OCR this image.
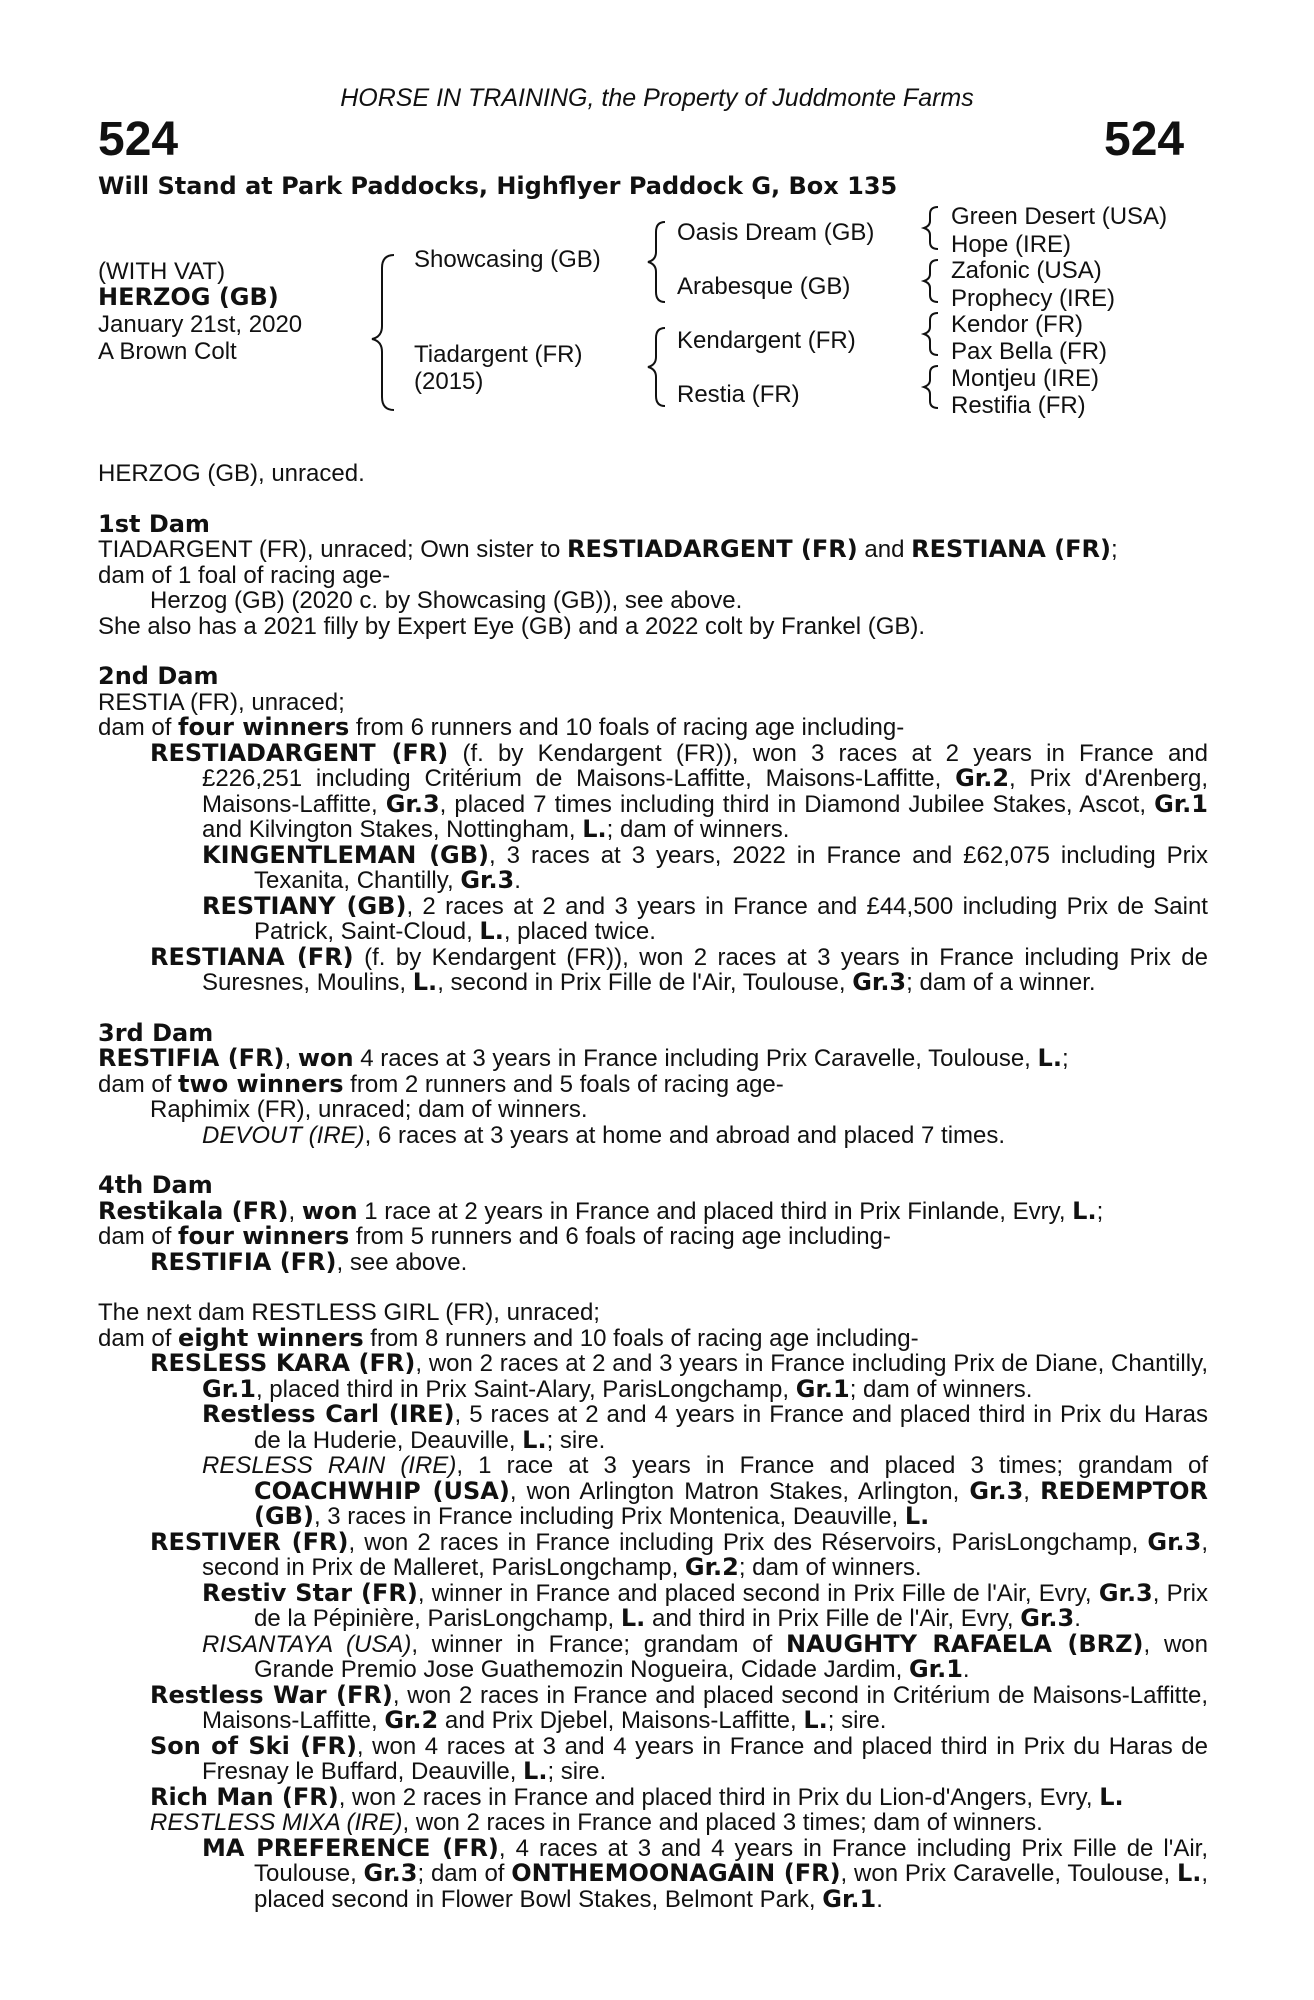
HORSE IN TRAINING, the Property of Juddmonte Farms
524	524
Will Stand at Park Paddocks, Highflyer Paddock G, Box 135
(WITH VAT)
HERZOG (GB)
January 21st, 2020
A Brown Colt
Showcasing (GB)
Tiadargent (FR)
(2015)
Oasis Dream (GB)
Arabesque (GB)
Kendargent (FR)
Restia (FR)
Green Desert (USA)
Hope (IRE)
Zafonic (USA)
Prophecy (IRE)
Kendor (FR)
Pax Bella (FR)
Montjeu (IRE)
Restifia (FR)

HERZOG (GB), unraced.

1st Dam

TIADARGENT (FR), unraced; Own sister to RESTIADARGENT (FR) and RESTIANA (FR);

dam of 1 foal of racing age-

Herzog (GB) (2020 c. by Showcasing (GB)), see above.

She also has a 2021 filly by Expert Eye (GB) and a 2022 colt by Frankel (GB).

2nd Dam

RESTIA (FR), unraced;

dam of four winners from 6 runners and 10 foals of racing age including-

RESTIADARGENT (FR) (f. by Kendargent (FR)), won 3 races at 2 years in France and £226,251 including Critérium de Maisons-Laffitte, Maisons-Laffitte, Gr.2, Prix d'Arenberg, Maisons-Laffitte, Gr.3, placed 7 times including third in Diamond Jubilee Stakes, Ascot, Gr.1 and Kilvington Stakes, Nottingham, L.; dam of winners.

KINGENTLEMAN (GB), 3 races at 3 years, 2022 in France and £62,075 including Prix Texanita, Chantilly, Gr.3.

RESTIANY (GB), 2 races at 2 and 3 years in France and £44,500 including Prix de Saint Patrick, Saint-Cloud, L., placed twice.

RESTIANA (FR) (f. by Kendargent (FR)), won 2 races at 3 years in France including Prix de Suresnes, Moulins, L., second in Prix Fille de l'Air, Toulouse, Gr.3; dam of a winner.

3rd Dam

RESTIFIA (FR), won 4 races at 3 years in France including Prix Caravelle, Toulouse, L.;

dam of two winners from 2 runners and 5 foals of racing age-

Raphimix (FR), unraced; dam of winners.

DEVOUT (IRE), 6 races at 3 years at home and abroad and placed 7 times.

4th Dam

Restikala (FR), won 1 race at 2 years in France and placed third in Prix Finlande, Evry, L.;

dam of four winners from 5 runners and 6 foals of racing age including-

RESTIFIA (FR), see above.

The next dam RESTLESS GIRL (FR), unraced;

dam of eight winners from 8 runners and 10 foals of racing age including-

RESLESS KARA (FR), won 2 races at 2 and 3 years in France including Prix de Diane, Chantilly, Gr.1, placed third in Prix Saint-Alary, ParisLongchamp, Gr.1; dam of winners.

Restless Carl (IRE), 5 races at 2 and 4 years in France and placed third in Prix du Haras de la Huderie, Deauville, L.; sire.

RESLESS RAIN (IRE), 1 race at 3 years in France and placed 3 times; grandam of COACHWHIP (USA), won Arlington Matron Stakes, Arlington, Gr.3, REDEMPTOR (GB), 3 races in France including Prix Montenica, Deauville, L.

RESTIVER (FR), won 2 races in France including Prix des Réservoirs, ParisLongchamp, Gr.3, second in Prix de Malleret, ParisLongchamp, Gr.2; dam of winners.

Restiv Star (FR), winner in France and placed second in Prix Fille de l'Air, Evry, Gr.3, Prix de la Pépinière, ParisLongchamp, L. and third in Prix Fille de l'Air, Evry, Gr.3.

RISANTAYA (USA), winner in France; grandam of NAUGHTY RAFAELA (BRZ), won Grande Premio Jose Guathemozin Nogueira, Cidade Jardim, Gr.1.

Restless War (FR), won 2 races in France and placed second in Critérium de Maisons-Laffitte, Maisons-Laffitte, Gr.2 and Prix Djebel, Maisons-Laffitte, L.; sire.

Son of Ski (FR), won 4 races at 3 and 4 years in France and placed third in Prix du Haras de Fresnay le Buffard, Deauville, L.; sire.

Rich Man (FR), won 2 races in France and placed third in Prix du Lion-d'Angers, Evry, L.

RESTLESS MIXA (IRE), won 2 races in France and placed 3 times; dam of winners.

MA PREFERENCE (FR), 4 races at 3 and 4 years in France including Prix Fille de l'Air, Toulouse, Gr.3; dam of ONTHEMOONAGAIN (FR), won Prix Caravelle, Toulouse, L., placed second in Flower Bowl Stakes, Belmont Park, Gr.1.
